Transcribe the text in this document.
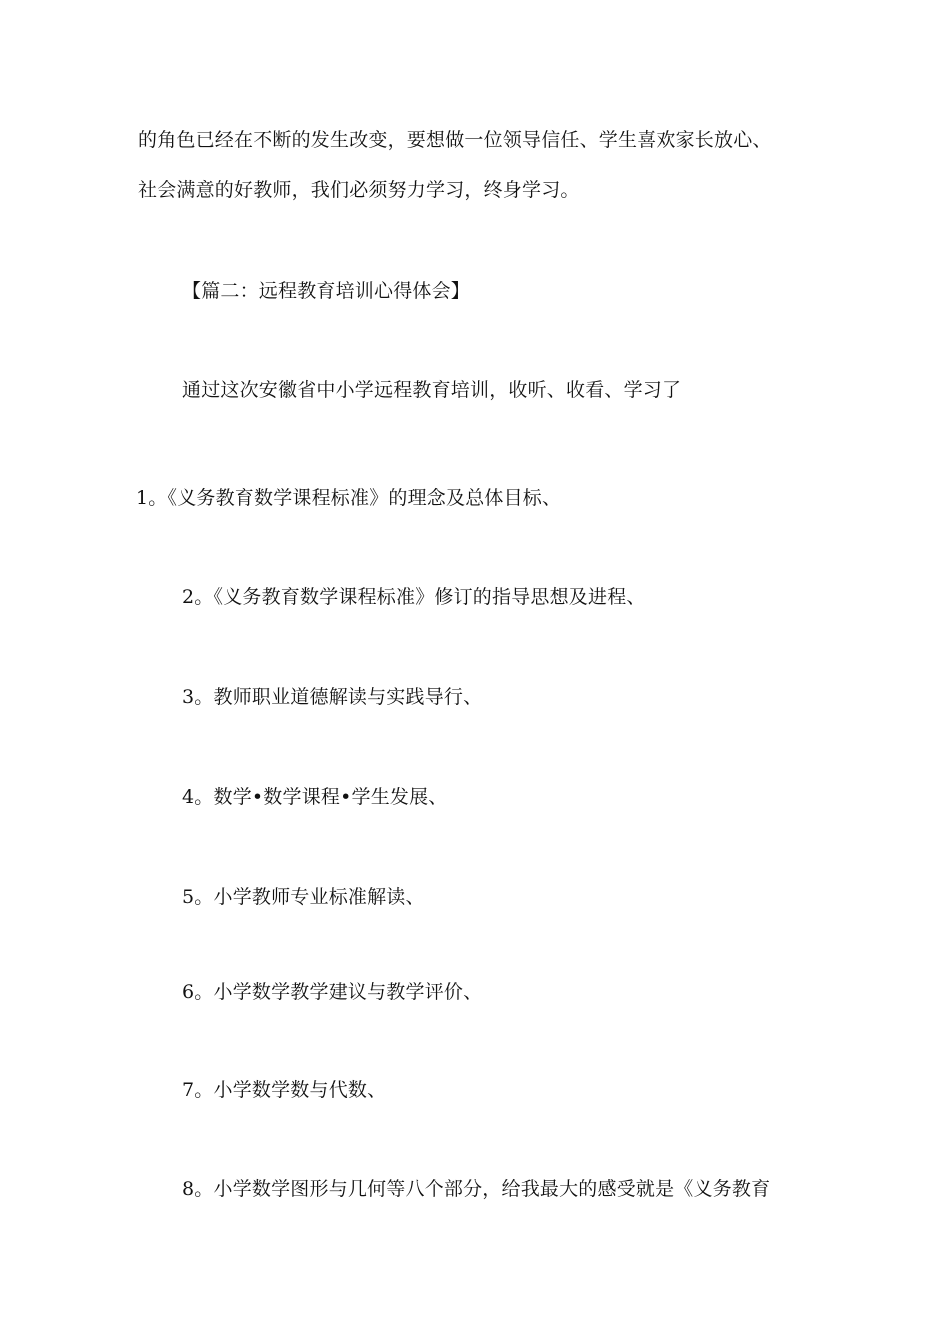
的角色已经在不断的发生改变，要想做一位领导信任、学生喜欢家长放心、
社会满意的好教师，我们必须努力学习，终身学习。
【篇二：远程教育培训心得体会】
通过这次安徽省中小学远程教育培训，收听、收看、学习了
1。《义务教育数学课程标准》的理念及总体目标、
2。《义务教育数学课程标准》修订的指导思想及进程、
3。教师职业道德解读与实践导行、
4。数学•数学课程•学生发展、
5。小学教师专业标准解读、
6。小学数学教学建议与教学评价、
7。小学数学数与代数、
8。小学数学图形与几何等八个部分，给我最大的感受就是《义务教育
